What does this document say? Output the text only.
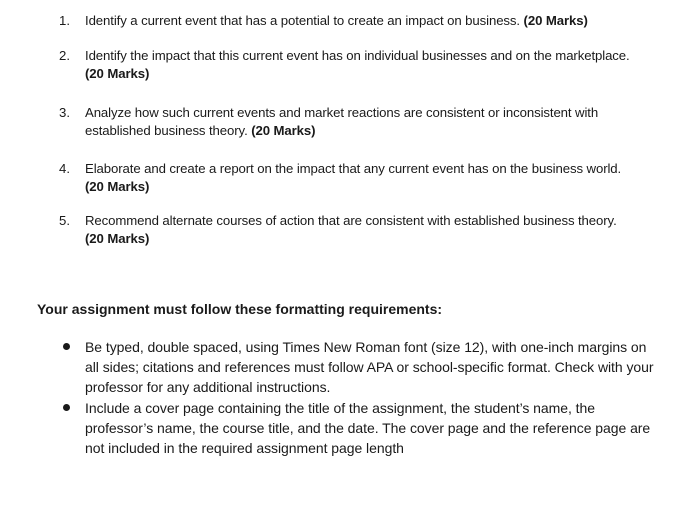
1. Identify a current event that has a potential to create an impact on business. (20 Marks)
2. Identify the impact that this current event has on individual businesses and on the marketplace.
(20 Marks)
3. Analyze how such current events and market reactions are consistent or inconsistent with established business theory. (20 Marks)
4. Elaborate and create a report on the impact that any current event has on the business world.
(20 Marks)
5. Recommend alternate courses of action that are consistent with established business theory.
(20 Marks)
Your assignment must follow these formatting requirements:
Be typed, double spaced, using Times New Roman font (size 12), with one-inch margins on all sides; citations and references must follow APA or school-specific format. Check with your professor for any additional instructions.
Include a cover page containing the title of the assignment, the student’s name, the professor’s name, the course title, and the date. The cover page and the reference page are not included in the required assignment page length
